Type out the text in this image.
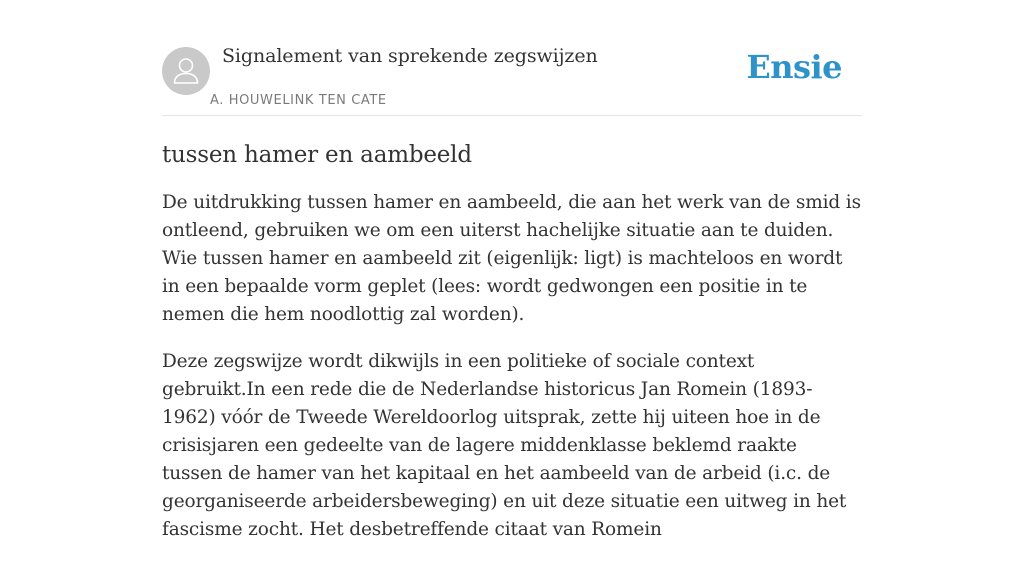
Signalement van sprekende zegswijzen
A. HOUWELINK TEN CATE
Ensie
tussen hamer en aambeeld

De uitdrukking tussen hamer en aambeeld, die aan het werk van de smid is ontleend, gebruiken we om een uiterst hachelijke situatie aan te duiden. Wie tussen hamer en aambeeld zit (eigenlijk: ligt) is machteloos en wordt in een bepaalde vorm geplet (lees: wordt gedwongen een positie in te nemen die hem noodlottig zal worden).

Deze zegswijze wordt dikwijls in een politieke of sociale context gebruikt.In een rede die de Nederlandse historicus Jan Romein (1893-1962) vóór de Tweede Wereldoorlog uitsprak, zette hij uiteen hoe in de crisisjaren een gedeelte van de lagere middenklasse beklemd raakte tussen de hamer van het kapitaal en het aambeeld van de arbeid (i.c. de georganiseerde arbeidersbeweging) en uit deze situatie een uitweg in het fascisme zocht. Het desbetreffende citaat van Romein
